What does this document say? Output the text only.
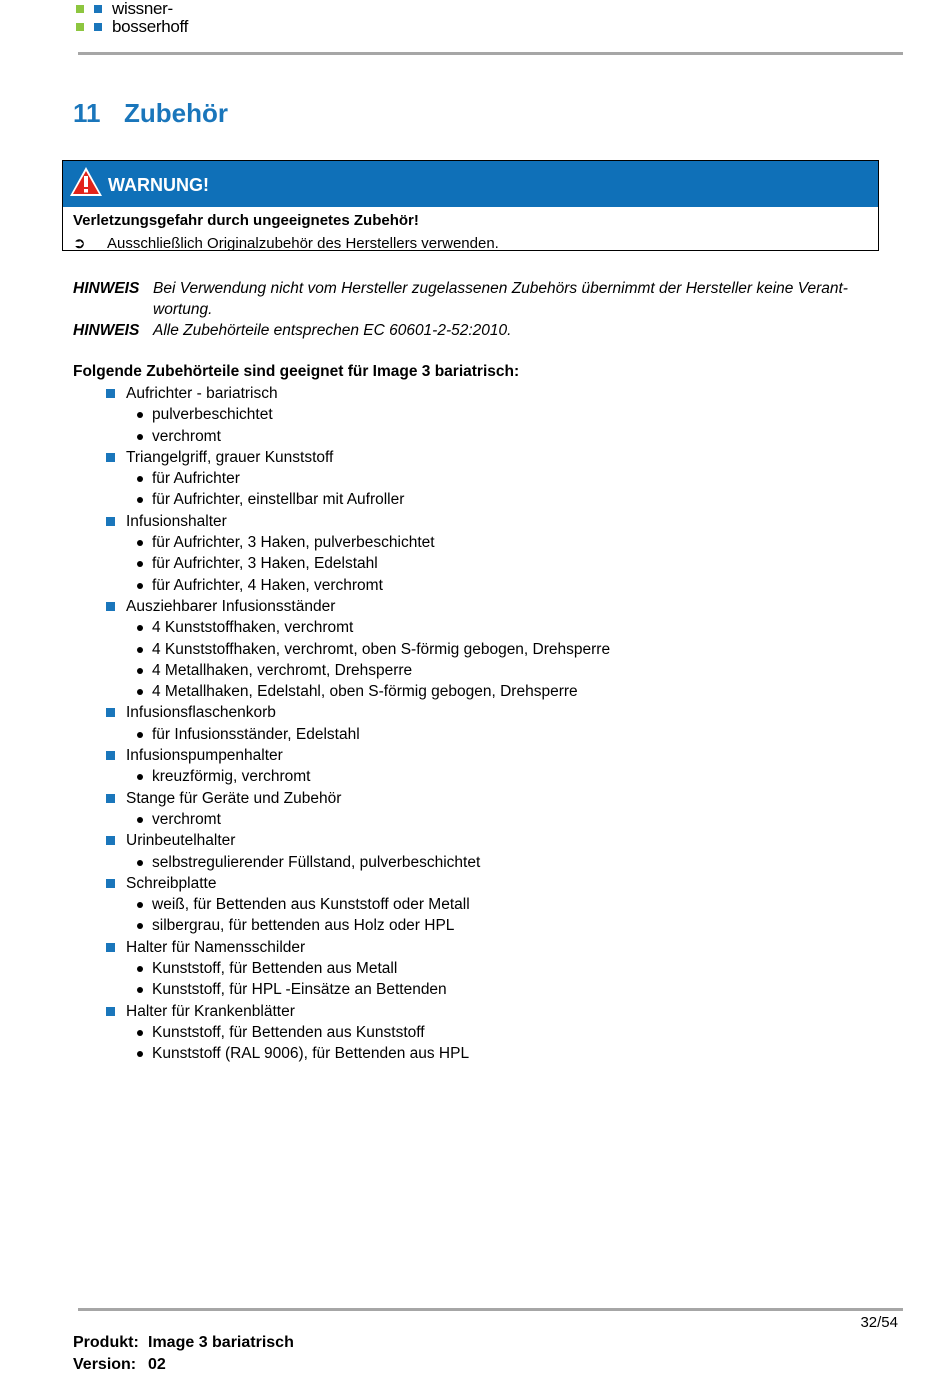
wissner-
bosserhoff
11 Zubehör
WARNUNG!
Verletzungsgefahr durch ungeeignetes Zubehör!
➲ Ausschließlich Originalzubehör des Herstellers verwenden.
HINWEIS Bei Verwendung nicht vom Hersteller zugelassenen Zubehörs übernimmt der Hersteller keine Verant-wortung.
HINWEIS Alle Zubehörteile entsprechen EC 60601-2-52:2010.
Folgende Zubehörteile sind geeignet für Image 3 bariatrisch:
Aufrichter - bariatrisch
pulverbeschichtet
verchromt
Triangelgriff, grauer Kunststoff
für Aufrichter
für Aufrichter, einstellbar mit Aufroller
Infusionshalter
für Aufrichter, 3 Haken, pulverbeschichtet
für Aufrichter, 3 Haken, Edelstahl
für Aufrichter, 4 Haken, verchromt
Ausziehbarer Infusionsständer
4 Kunststoffhaken, verchromt
4 Kunststoffhaken, verchromt, oben S-förmig gebogen, Drehsperre
4 Metallhaken, verchromt, Drehsperre
4 Metallhaken, Edelstahl, oben S-förmig gebogen, Drehsperre
Infusionsflaschenkorb
für Infusionsständer, Edelstahl
Infusionspumpenhalter
kreuzförmig, verchromt
Stange für Geräte und Zubehör
verchromt
Urinbeutelhalter
selbstregulierender Füllstand, pulverbeschichtet
Schreibplatte
weiß, für Bettenden aus Kunststoff oder Metall
silbergrau, für bettenden aus Holz oder HPL
Halter für Namensschilder
Kunststoff, für Bettenden aus Metall
Kunststoff, für HPL -Einsätze an Bettenden
Halter für Krankenblätter
Kunststoff, für Bettenden aus Kunststoff
Kunststoff (RAL 9006), für Bettenden aus HPL
32/54
Produkt: Image 3 bariatrisch
Version: 02
